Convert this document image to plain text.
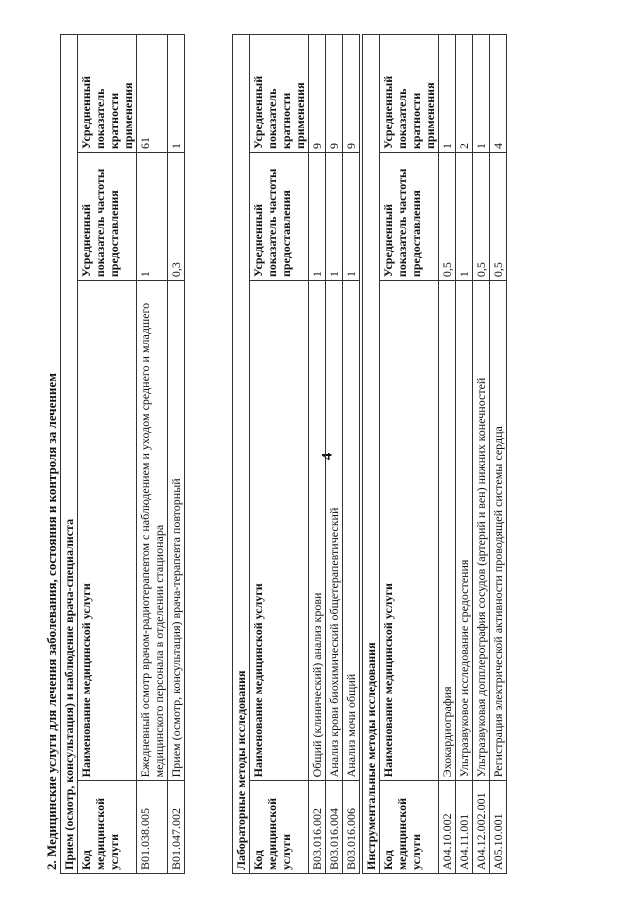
4
2. Медицинские услуги для лечения заболевания, состояния и контроля за лечением Прием (осмотр, консультация) и наблюдение врача-специалиста			
Код медицинской услуги	Наименование медицинской услуги	Усредненный показатель частоты предоставления	Усредненный показатель кратности применения
B01.038.005	Ежедневный осмотр врачом-радиотерапевтом с наблюдением и уходом среднего и младшего медицинского персонала в отделении стационара	1	61
B01.047.002	Прием (осмотр, консультация) врача-терапевта повторный	0,3	1
Лабораторные методы исследования			
Код медицинской услуги	Наименование медицинской услуги	Усредненный показатель частоты предоставления	Усредненный показатель кратности применения
B03.016.002	Общий (клинический) анализ крови	1	9
B03.016.004	Анализ крови биохимический общетерапевтический	1	9
B03.016.006	Анализ мочи общий	1	9
Инструментальные методы исследования			
Код медицинской услуги	Наименование медицинской услуги	Усредненный показатель частоты предоставления	Усредненный показатель кратности применения
A04.10.002	Эхокардиография	0,5	1
A04.11.001	Ультразвуковое исследование средостения	1	2
A04.12.002.001	Ультразвуковая допплерография сосудов (артерий и вен) нижних конечностей	0,5	1
A05.10.001	Регистрация электрической активности проводящей системы сердца	0,5	4
